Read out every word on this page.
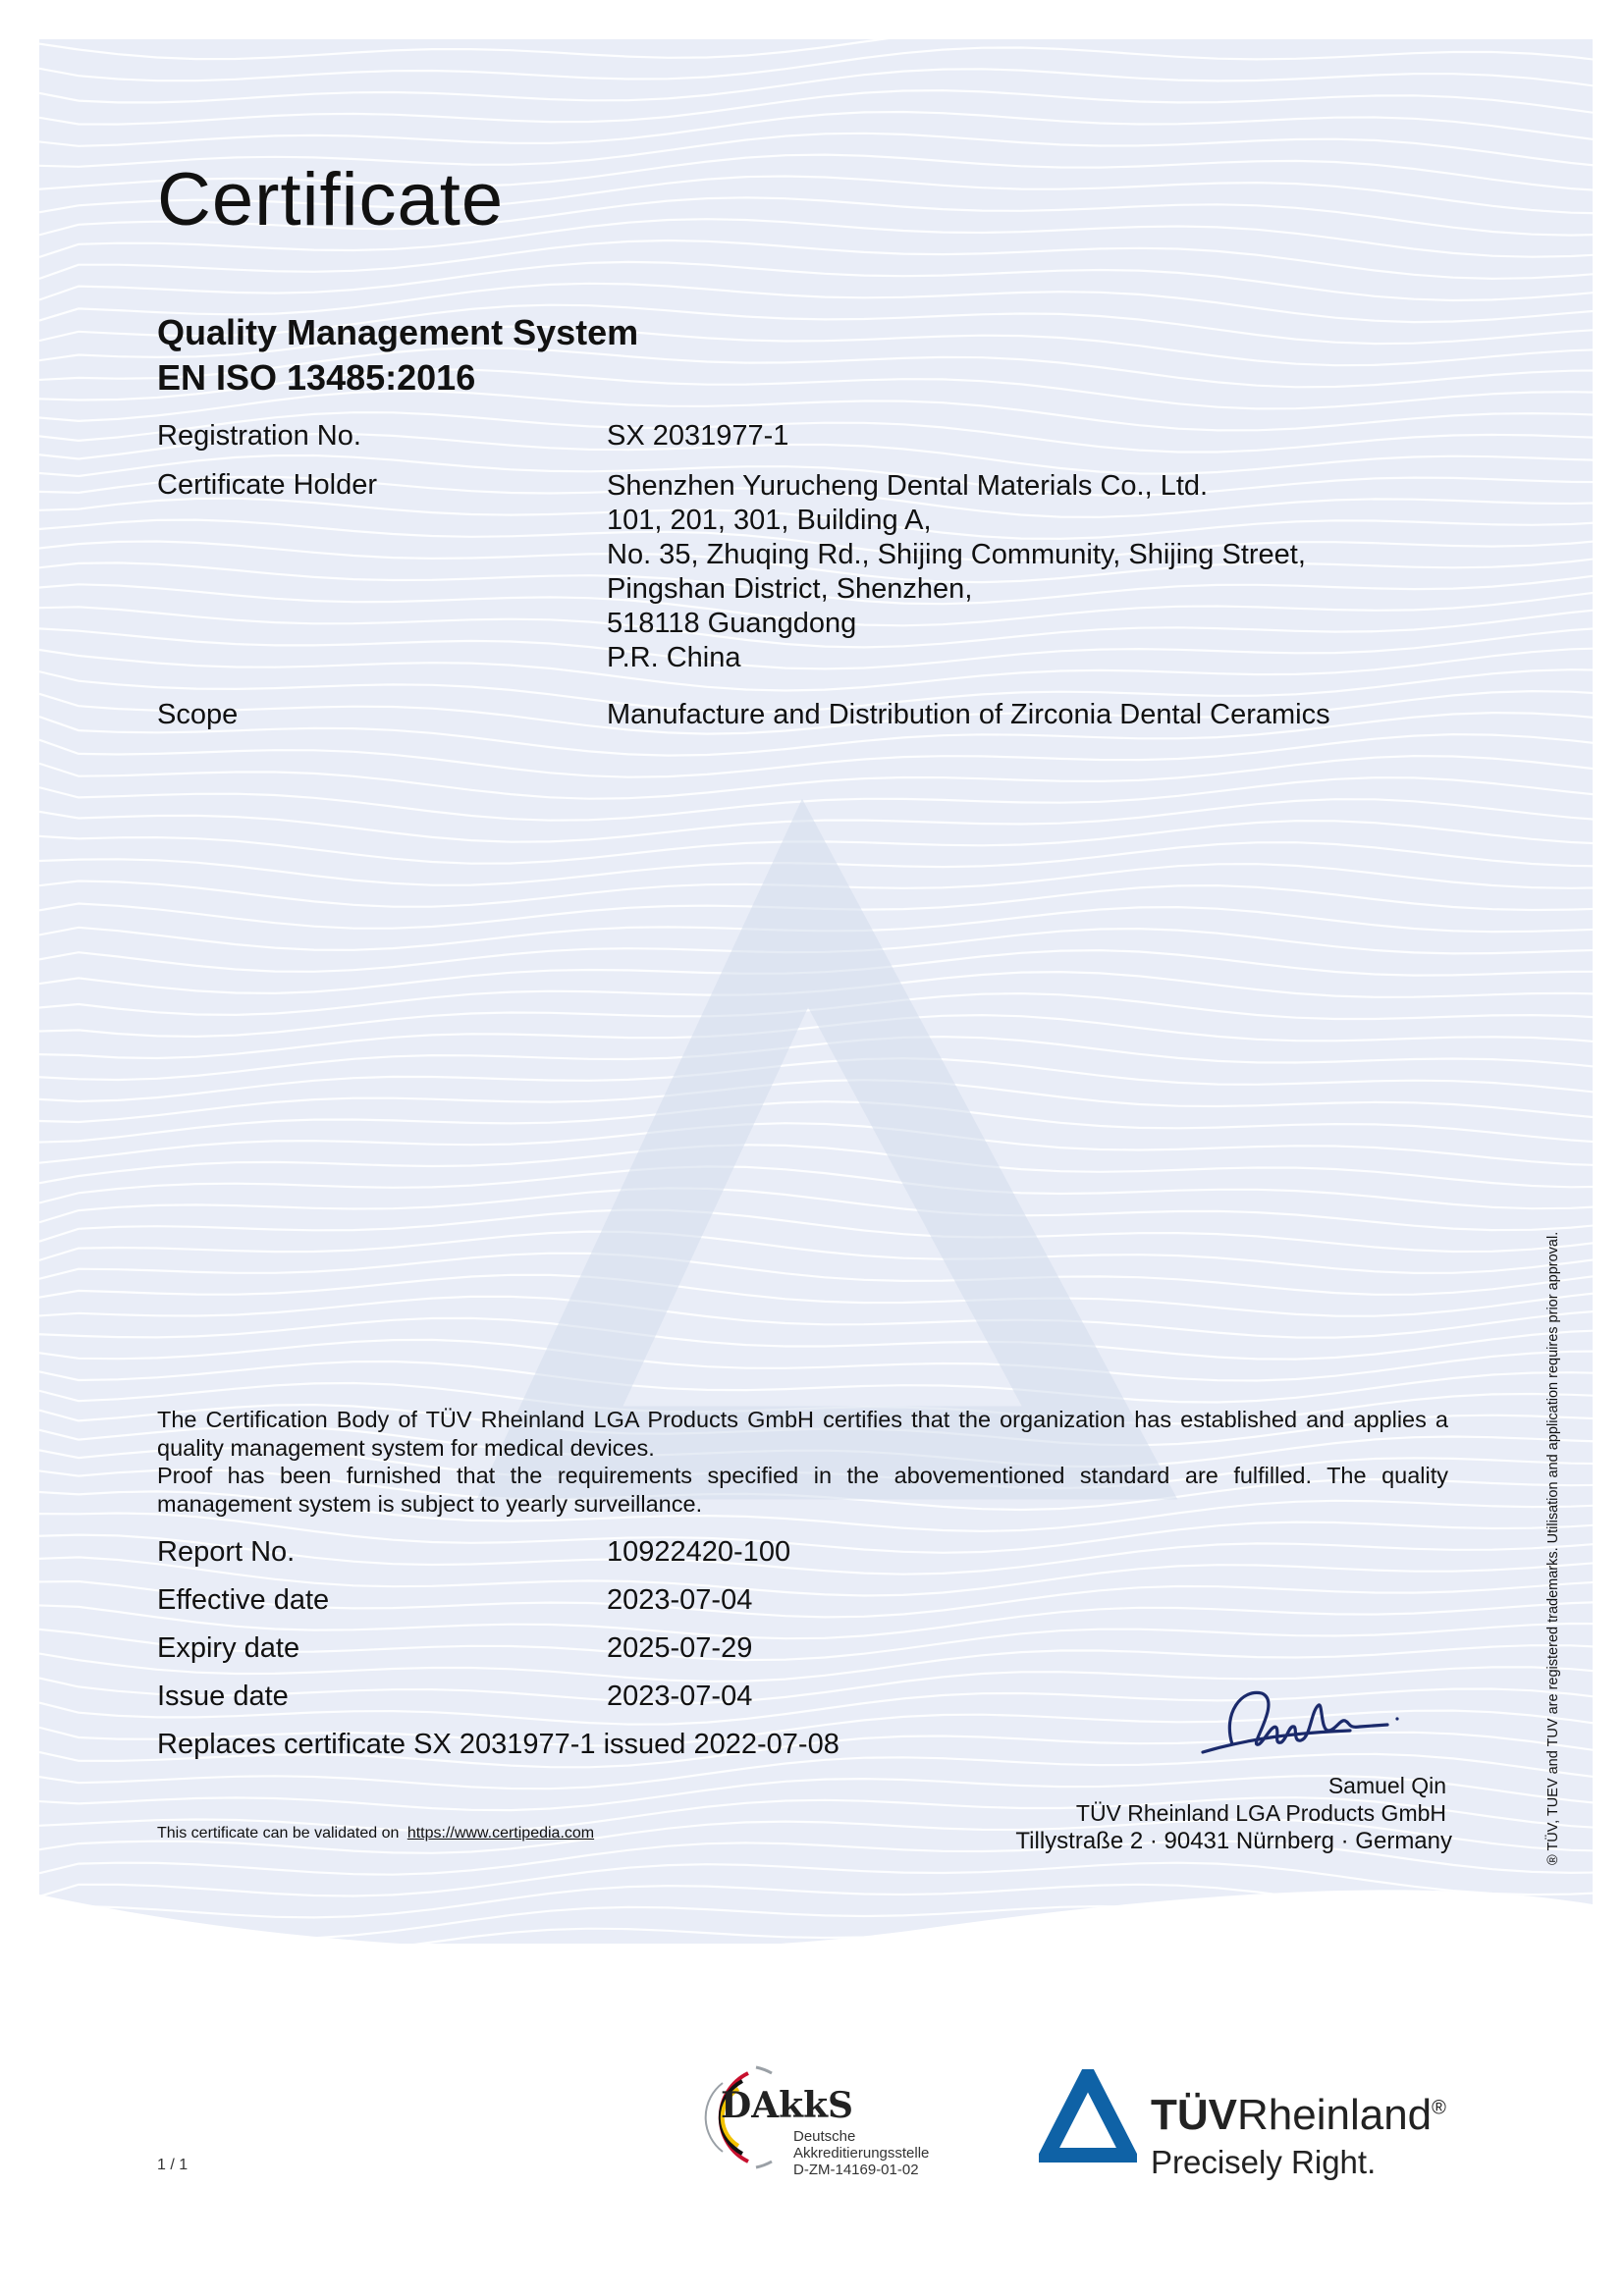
Certificate
Quality Management System
EN ISO 13485:2016
Registration No.	SX 2031977-1
Certificate Holder	Shenzhen Yurucheng Dental Materials Co., Ltd.
101, 201, 301, Building A,
No. 35, Zhuqing Rd., Shijing Community, Shijing Street,
Pingshan District, Shenzhen,
518118 Guangdong
P.R. China
Scope	Manufacture and Distribution of Zirconia Dental Ceramics
The Certification Body of TÜV Rheinland LGA Products GmbH certifies that the organization has established and applies a quality management system for medical devices.
Proof has been furnished that the requirements specified in the abovementioned standard are fulfilled. The quality management system is subject to yearly surveillance.
Report No.	10922420-100
Effective date	2023-07-04
Expiry date	2025-07-29
Issue date	2023-07-04
Replaces certificate SX 2031977-1 issued 2022-07-08
This certificate can be validated on https://www.certipedia.com
Samuel Qin
TÜV Rheinland LGA Products GmbH
Tillystraße 2 · 90431 Nürnberg · Germany	® TÜV, TUEV and TUV are registered trademarks. Utilisation and application requires prior approval.
1 / 1
DAkkS
Deutsche
Akkreditierungsstelle
D-ZM-14169-01-02
TÜVRheinland®
Precisely Right.
